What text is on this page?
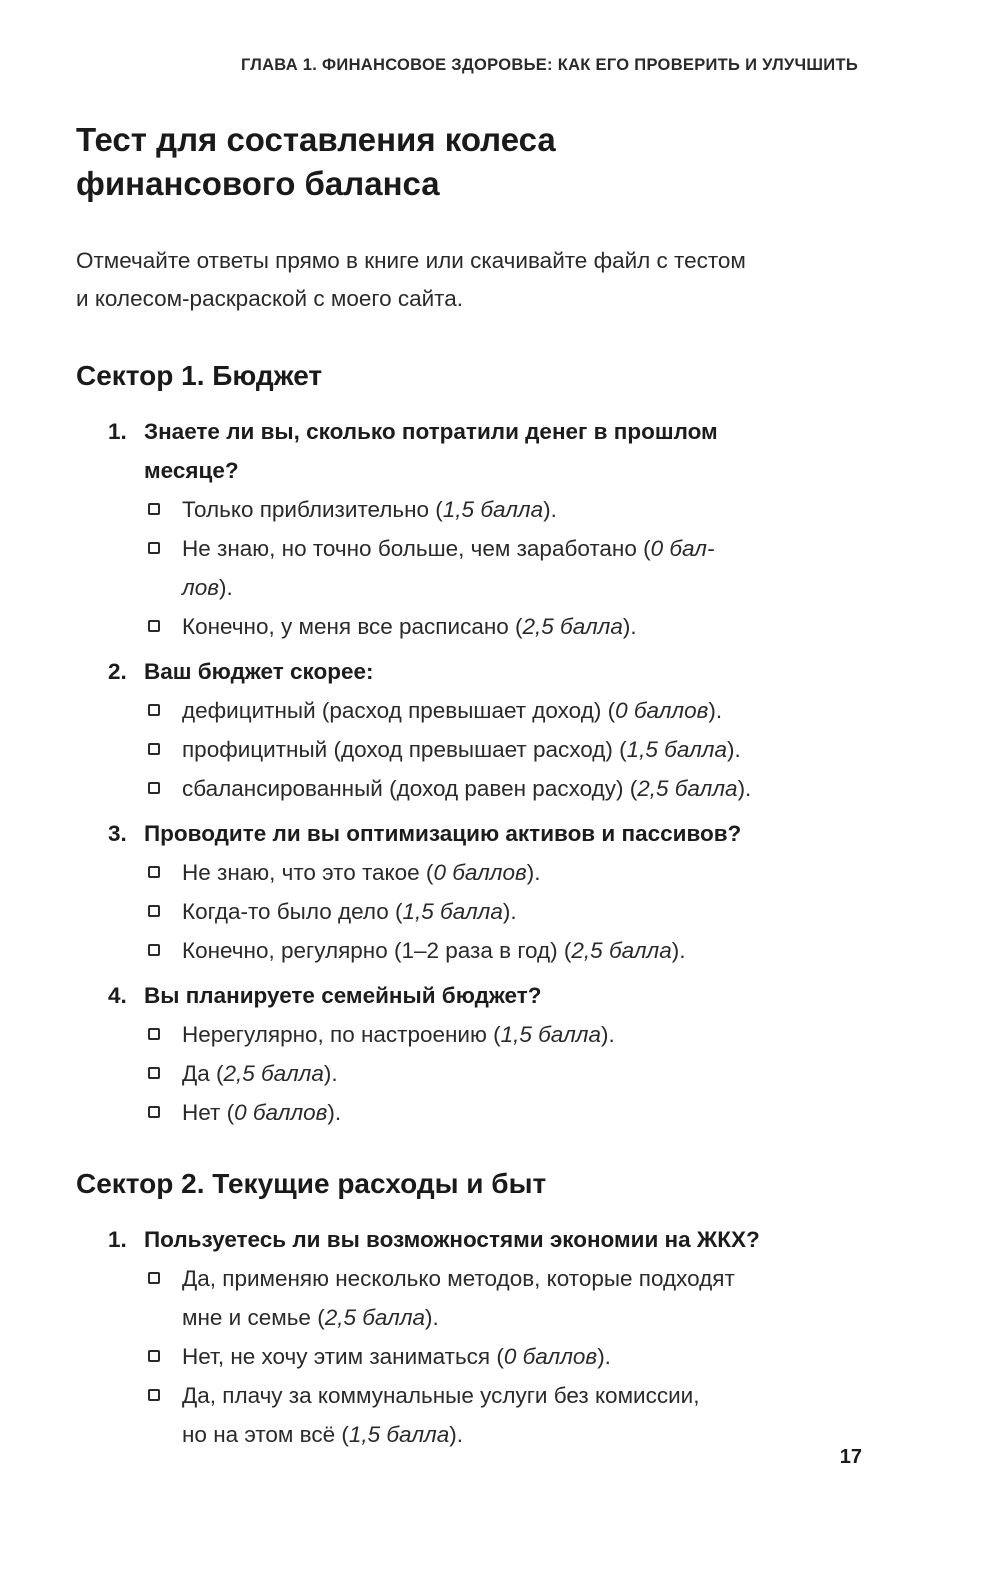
ГЛАВА 1. ФИНАНСОВОЕ ЗДОРОВЬЕ: КАК ЕГО ПРОВЕРИТЬ И УЛУЧШИТЬ
Тест для составления колеса
финансового баланса

Отмечайте ответы прямо в книге или скачивайте файл с тестом
и колесом-раскраской с моего сайта.

Сектор 1. Бюджет
1. Знаете ли вы, сколько потратили денег в прошлом
месяце?
Только приблизительно (1,5 балла).
Не знаю, но точно больше, чем заработано (0 бал-
лов).
Конечно, у меня все расписано (2,5 балла).
2. Ваш бюджет скорее:
дефицитный (расход превышает доход) (0 баллов).
профицитный (доход превышает расход) (1,5 балла).
сбалансированный (доход равен расходу) (2,5 балла).
3. Проводите ли вы оптимизацию активов и пассивов?
Не знаю, что это такое (0 баллов).
Когда-то было дело (1,5 балла).
Конечно, регулярно (1–2 раза в год) (2,5 балла).
4. Вы планируете семейный бюджет?
Нерегулярно, по настроению (1,5 балла).
Да (2,5 балла).
Нет (0 баллов).
Сектор 2. Текущие расходы и быт
1. Пользуетесь ли вы возможностями экономии на ЖКХ?
Да, применяю несколько методов, которые подходят
мне и семье (2,5 балла).
Нет, не хочу этим заниматься (0 баллов).
Да, плачу за коммунальные услуги без комиссии,
но на этом всё (1,5 балла).
17
